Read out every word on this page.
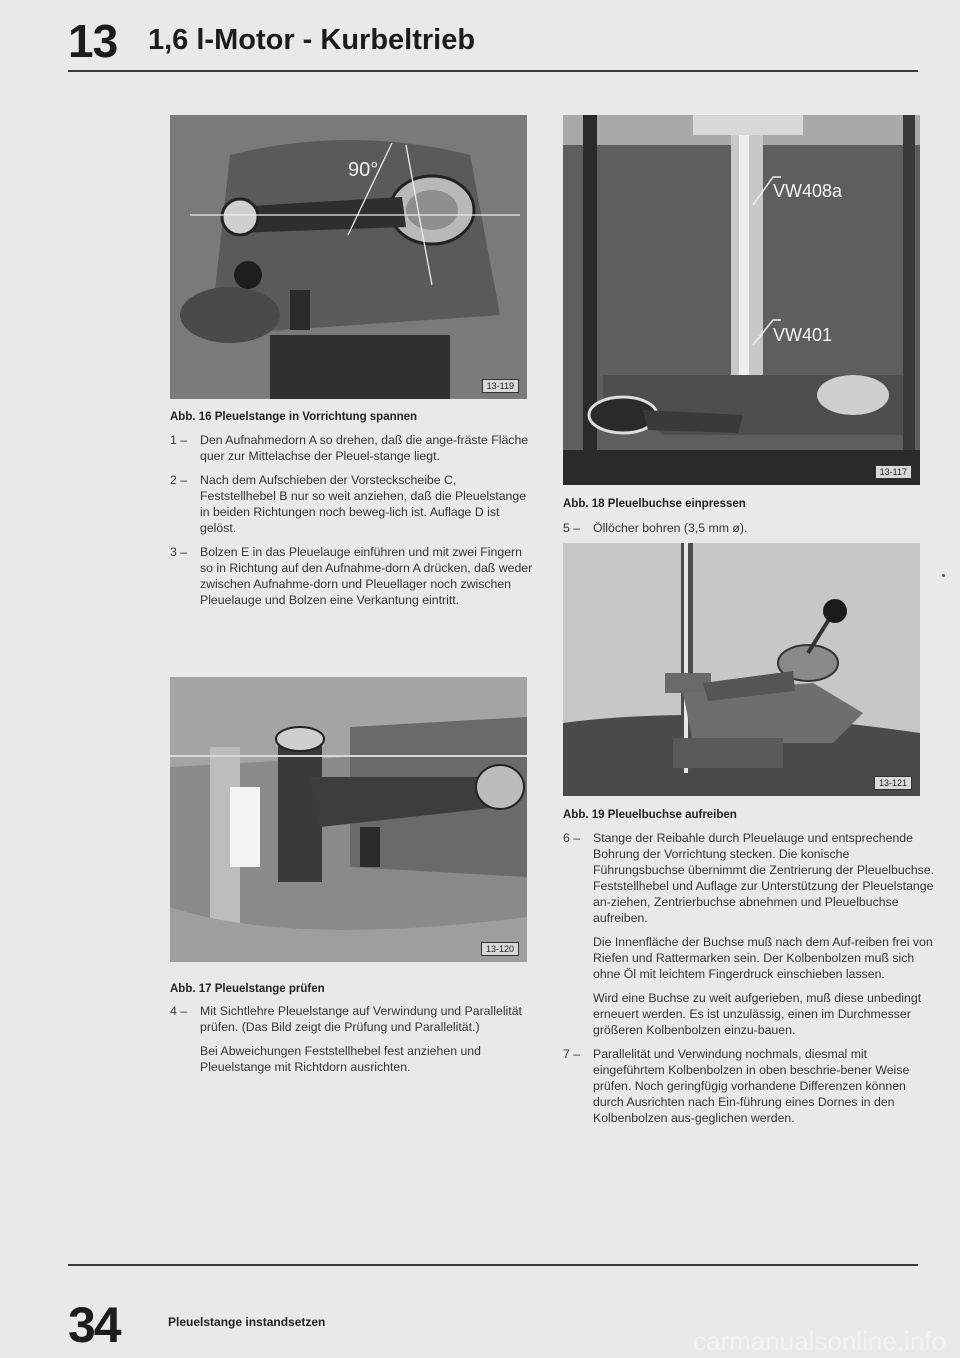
13 1,6 l-Motor - Kurbeltrieb
90°
13-119
Abb. 16 Pleuelstange in Vorrichtung spannen
1 – Den Aufnahmedorn A so drehen, daß die ange-fräste Fläche quer zur Mittelachse der Pleuel-stange liegt.
2 – Nach dem Aufschieben der Vorsteckscheibe C, Feststellhebel B nur so weit anziehen, daß die Pleuelstange in beiden Richtungen noch beweg-lich ist. Auflage D ist gelöst.
3 – Bolzen E in das Pleuelauge einführen und mit zwei Fingern so in Richtung auf den Aufnahme-dorn A drücken, daß weder zwischen Aufnahme-dorn und Pleuellager noch zwischen Pleuelauge und Bolzen eine Verkantung eintritt.
13-120
Abb. 17 Pleuelstange prüfen
4 – Mit Sichtlehre Pleuelstange auf Verwindung und Parallelität prüfen. (Das Bild zeigt die Prüfung und Parallelität.)
Bei Abweichungen Feststellhebel fest anziehen und Pleuelstange mit Richtdorn ausrichten.
VW408a
VW401
13-117
Abb. 18 Pleuelbuchse einpressen
5 – Öllöcher bohren (3,5 mm ø).
13-121
Abb. 19 Pleuelbuchse aufreiben
6 – Stange der Reibahle durch Pleuelauge und entsprechende Bohrung der Vorrichtung stecken. Die konische Führungsbuchse übernimmt die Zentrierung der Pleuelbuchse. Feststellhebel und Auflage zur Unterstützung der Pleuelstange an-ziehen, Zentrierbuchse abnehmen und Pleuelbuchse aufreiben.
Die Innenfläche der Buchse muß nach dem Auf-reiben frei von Riefen und Rattermarken sein. Der Kolbenbolzen muß sich ohne Öl mit leichtem Fingerdruck einschieben lassen.
Wird eine Buchse zu weit aufgerieben, muß diese unbedingt erneuert werden. Es ist unzulässig, einen im Durchmesser größeren Kolbenbolzen einzu-bauen.
7 – Parallelität und Verwindung nochmals, diesmal mit eingeführtem Kolbenbolzen in oben beschrie-bener Weise prüfen. Noch geringfügig vorhandene Differenzen können durch Ausrichten nach Ein-führung eines Dornes in den Kolbenbolzen aus-geglichen werden.
34	Pleuelstange instandsetzen
carmanualsonline.info
